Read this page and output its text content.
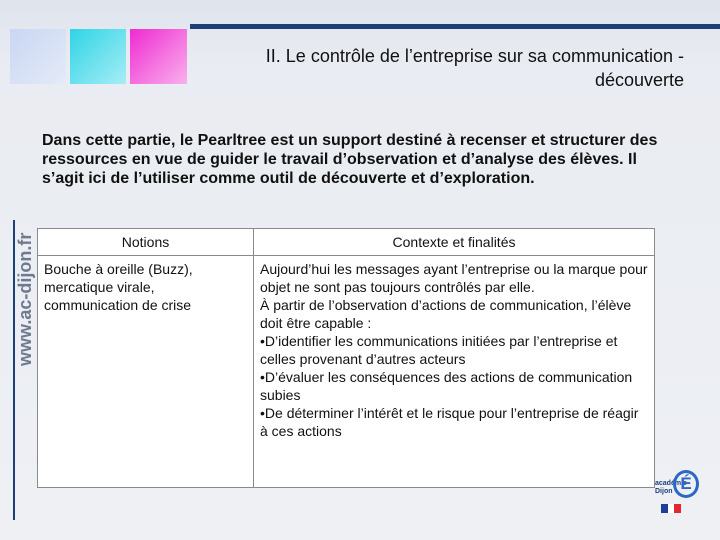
www.ac-dijon.fr
II. Le contrôle de l’entreprise sur sa communication - découverte
Dans cette partie, le Pearltree est un support destiné à recenser et structurer des ressources en vue de guider le travail d’observation et d’analyse des élèves. Il s’agit ici de l’utiliser comme outil de découverte et d’exploration.
Notions	Contexte et finalités
Bouche à oreille (Buzz), mercatique virale, communication de crise	Aujourd’hui les messages ayant l’entreprise ou la marque pour objet ne sont pas toujours contrôlés par elle.
À partir de l’observation d’actions de communication, l’élève doit être capable :
•D’identifier les communications initiées par l’entreprise et celles provenant d’autres acteurs
•D’évaluer les conséquences des actions de communication subies
•De déterminer l’intérêt et le risque pour l’entreprise de réagir à ces actions
académie
Dijon É
